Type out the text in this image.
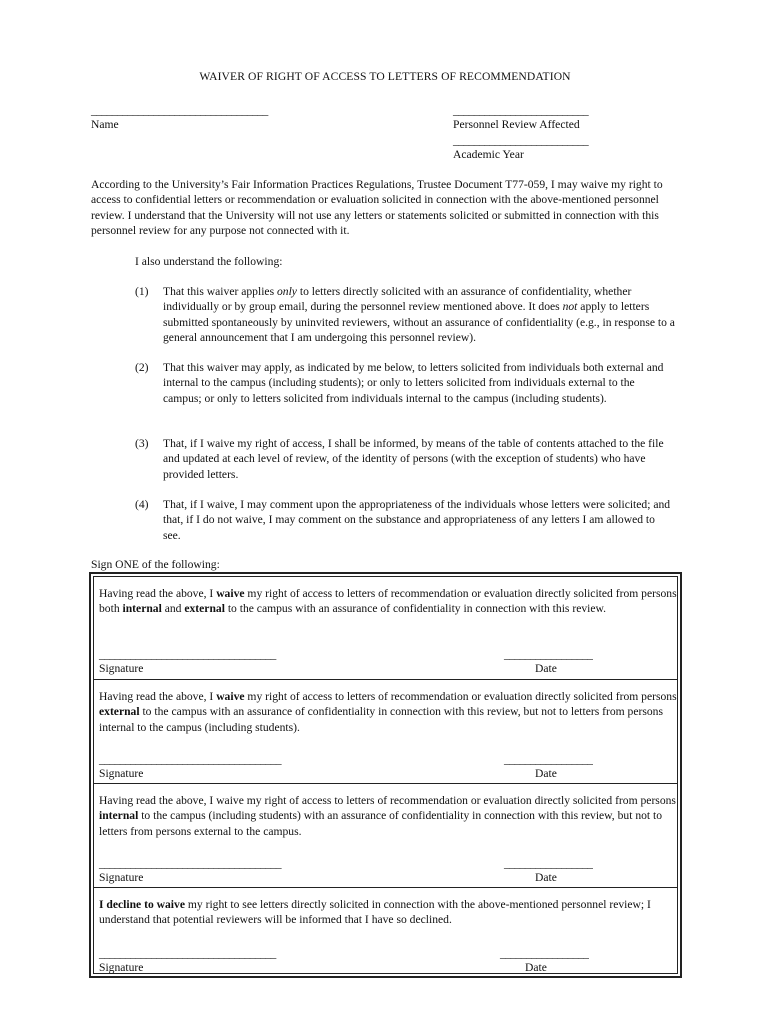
WAIVER OF RIGHT OF ACCESS TO LETTERS OF RECOMMENDATION
__________________________________
Name
__________________________
Personnel Review Affected
__________________________
Academic Year
According to the University’s Fair Information Practices Regulations, Trustee Document T77-059, I may waive my right to access to confidential letters or recommendation or evaluation solicited in connection with the above-mentioned personnel review. I understand that the University will not use any letters or statements solicited or submitted in connection with this personnel review for any purpose not connected with it.
I also understand the following:
(1) That this waiver applies only to letters directly solicited with an assurance of confidentiality, whether individually or by group email, during the personnel review mentioned above. It does not apply to letters submitted spontaneously by uninvited reviewers, without an assurance of confidentiality (e.g., in response to a general announcement that I am undergoing this personnel review).
(2) That this waiver may apply, as indicated by me below, to letters solicited from individuals both external and internal to the campus (including students); or only to letters solicited from individuals external to the campus; or only to letters solicited from individuals internal to the campus (including students).
(3) That, if I waive my right of access, I shall be informed, by means of the table of contents attached to the file and updated at each level of review, of the identity of persons (with the exception of students) who have provided letters.
(4) That, if I waive, I may comment upon the appropriateness of the individuals whose letters were solicited; and that, if I do not waive, I may comment on the substance and appropriateness of any letters I am allowed to see.
Sign ONE of the following:
Having read the above, I waive my right of access to letters of recommendation or evaluation directly solicited from persons both internal and external to the campus with an assurance of confidentiality in connection with this review.
__________________________________	_________________
Signature	Date
Having read the above, I waive my right of access to letters of recommendation or evaluation directly solicited from persons external to the campus with an assurance of confidentiality in connection with this review, but not to letters from persons internal to the campus (including students).
___________________________________	_________________
Signature	Date
Having read the above, I waive my right of access to letters of recommendation or evaluation directly solicited from persons internal to the campus (including students) with an assurance of confidentiality in connection with this review, but not to letters from persons external to the campus.
___________________________________	_________________
Signature	Date
I decline to waive my right to see letters directly solicited in connection with the above-mentioned personnel review; I understand that potential reviewers will be informed that I have so declined.
__________________________________	_________________
Signature	Date
